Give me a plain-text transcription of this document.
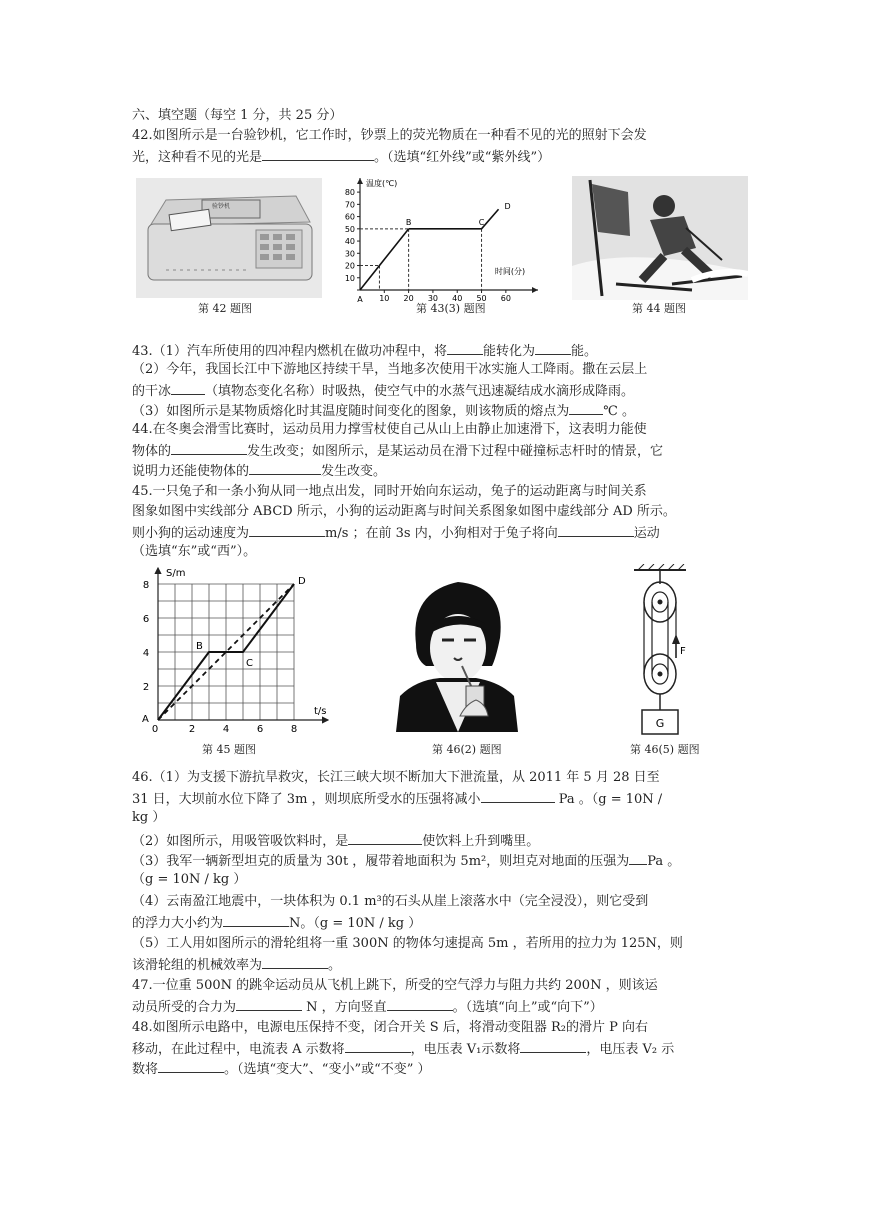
六、填空题（每空 1 分，共 25 分）
42.如图所示是一台验钞机，它工作时，钞票上的荧光物质在一种看不见的光的照射下会发
光，这种看不见的光是	。（选填“红外线”或“紫外线”）
验钞机
第 42 题图
10
20
30
40
50
60
70
80
10 20 30 40 50 60
A
B	C
D
温度(℃)
时间(分)
第 43(3) 题图	第 44 题图
43.（1）汽车所使用的四冲程内燃机在做功冲程中，将	能转化为	能。
（2）今年，我国长江中下游地区持续干旱，当地多次使用干冰实施人工降雨。撒在云层上
的干冰	（填物态变化名称）时吸热，使空气中的水蒸气迅速凝结成水滴形成降雨。
（3）如图所示是某物质熔化时其温度随时间变化的图象，则该物质的熔点为	℃ 。
44.在冬奥会滑雪比赛时，运动员用力撑雪杖使自己从山上由静止加速滑下，这表明力能使
物体的	发生改变；如图所示，是某运动员在滑下过程中碰撞标志杆时的情景，它
说明力还能使物体的	发生改变。
45.一只兔子和一条小狗从同一地点出发，同时开始向东运动，兔子的运动距离与时间关系
图象如图中实线部分 ABCD 所示，小狗的运动距离与时间关系图象如图中虚线部分 AD 所示。
则小狗的运动速度为	m/s ；在前 3s 内，小狗相对于兔子将向	运动
（选填“东”或“西”）。
S/m
t/s
0	2	4	6	8
2
4
6
8
A
B
C
D
第 45 题图	第 46(2) 题图
F
G
第 46(5) 题图
46.（1）为支援下游抗旱救灾，长江三峡大坝不断加大下泄流量，从 2011 年 5 月 28 日至
31 日，大坝前水位下降了 3m ，则坝底所受水的压强将减小	Pa 。（g = 10N /
kg ）
（2）如图所示，用吸管吸饮料时，是	使饮料上升到嘴里。
（3）我军一辆新型坦克的质量为 30t ，履带着地面积为 5m²，则坦克对地面的压强为 Pa 。
（g = 10N / kg ）
（4）云南盈江地震中，一块体积为 0.1 m³的石头从崖上滚落水中（完全浸没），则它受到
的浮力大小约为	N。（g = 10N / kg ）
（5）工人用如图所示的滑轮组将一重 300N 的物体匀速提高 5m ，若所用的拉力为 125N，则
该滑轮组的机械效率为	。
47.一位重 500N 的跳伞运动员从飞机上跳下，所受的空气浮力与阻力共约 200N ，则该运
动员所受的合力为	N ，方向竖直	。（选填“向上”或“向下”）
48.如图所示电路中，电源电压保持不变，闭合开关 S 后，将滑动变阻器 R₂的滑片 P 向右
移动，在此过程中，电流表 A 示数将	，电压表 V₁示数将	，电压表 V₂ 示
数将	。（选填“变大”、“变小”或“不变” ）
